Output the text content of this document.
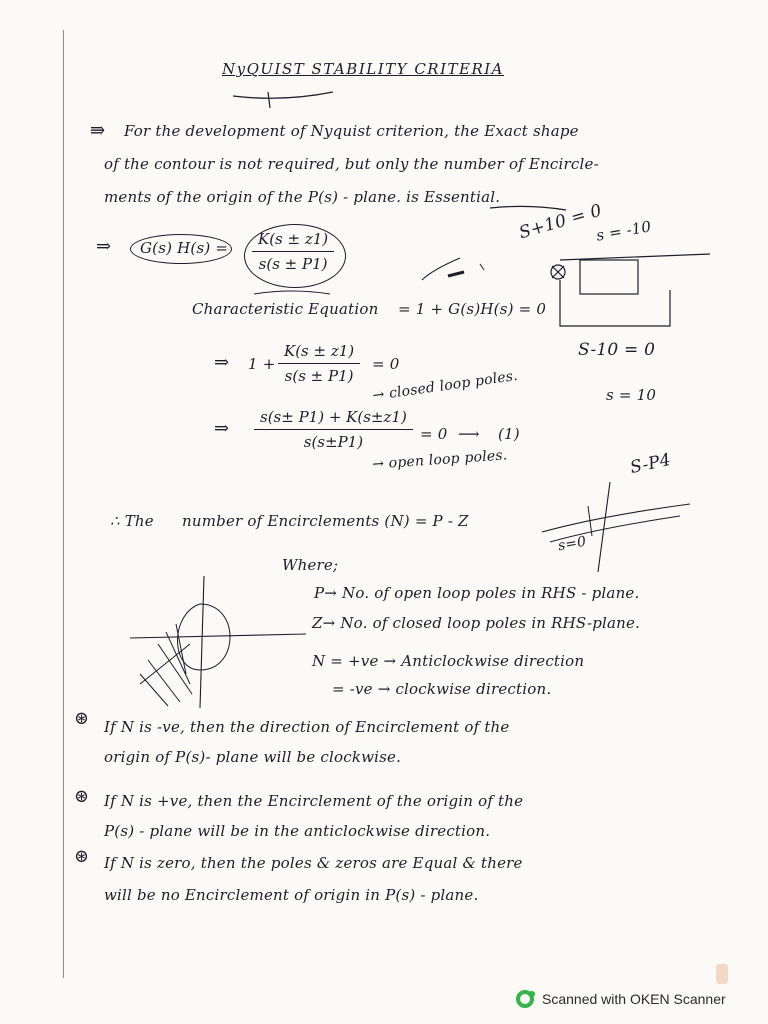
NyQUIST STABILITY CRITERIA
⇛ For the development of Nyquist criterion, the Exact shape
of the contour is not required, but only the number of Encircle-
ments of the origin of the P(s) - plane. is Essential.
⇒ G(s) $H(s) = \frac{K(s \pm z1)}{s(s \pm P1)}$
S+10 = 0
s = -10
Characteristic Equation = 1 + G(s)H(s) = 0
⇒ $1 + \frac{K(s \pm z1)}{s(s \pm P1)} = 0$
S-10 = 0
s = 10
→ closed loop poles.
⇒ $\frac{s(s\pm P1) + K(s\pm z1)}{s(s\pm P1)} = 0$ ⟶ (1)
→ open loop poles.	S-P4
s=0
∴ The number of Encirclements (N) = P - Z
Where;
P→ No. of open loop poles in RHS - plane.
Z→ No. of closed loop poles in RHS-plane.
N = +ve → Anticlockwise direction
= -ve → clockwise direction.
⊛ If N is -ve, then the direction of Encirclement of the
origin of P(s)- plane will be clockwise.
⊛ If N is +ve, then the Encirclement of the origin of the
P(s) - plane will be in the anticlockwise direction.
⊛ If N is zero, then the poles & zeros are Equal & there
will be no Encirclement of origin in P(s) - plane.
Scanned with OKEN Scanner
